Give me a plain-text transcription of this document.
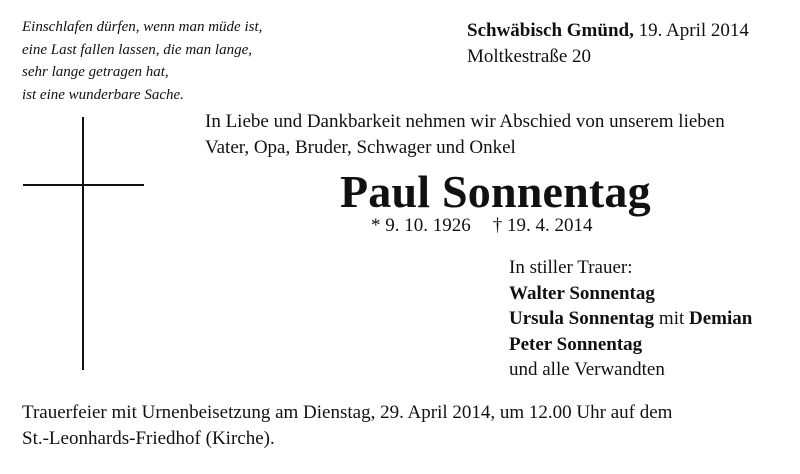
Einschlafen dürfen, wenn man müde ist,
eine Last fallen lassen, die man lange,
sehr lange getragen hat,
ist eine wunderbare Sache.
Schwäbisch Gmünd, 19. April 2014
Moltkestraße 20
In Liebe und Dankbarkeit nehmen wir Abschied von unserem lieben
Vater, Opa, Bruder, Schwager und Onkel
Paul Sonnentag
* 9. 10. 1926 † 19. 4. 2014
In stiller Trauer:
Walter Sonnentag
Ursula Sonnentag mit Demian
Peter Sonnentag
und alle Verwandten
Trauerfeier mit Urnenbeisetzung am Dienstag, 29. April 2014, um 12.00 Uhr auf dem
St.-Leonhards-Friedhof (Kirche).
